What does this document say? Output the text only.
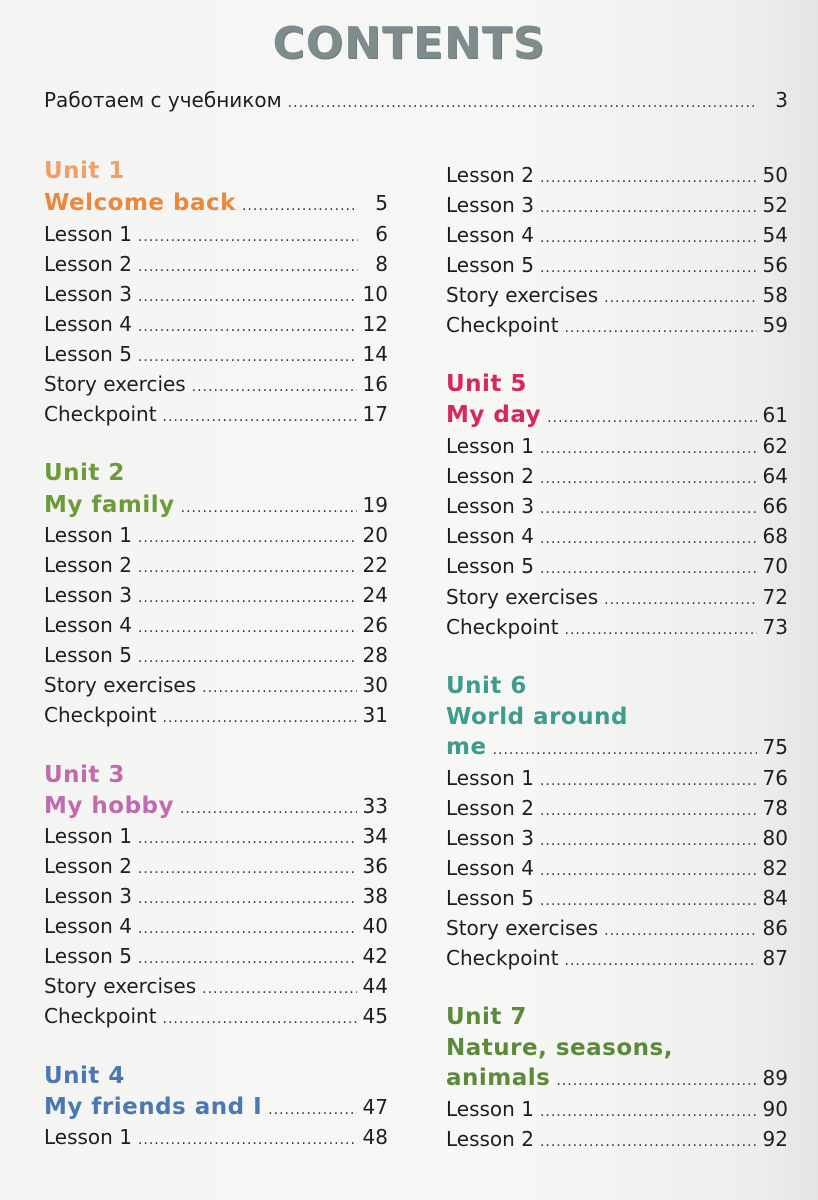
CONTENTS
Работаем с учебником .....	3
Unit 1
Welcome back .....	5
Lesson 1 .....	6
Lesson 2 .....	8
Lesson 3 .....	10
Lesson 4 .....	12
Lesson 5 .....	14
Story exercies .....	16
Checkpoint .....	17
Unit 2
My family .....	19
Lesson 1 .....	20
Lesson 2 .....	22
Lesson 3 .....	24
Lesson 4 .....	26
Lesson 5 .....	28
Story exercises .....	30
Checkpoint .....	31
Unit 3
My hobby .....	33
Lesson 1 .....	34
Lesson 2 .....	36
Lesson 3 .....	38
Lesson 4 .....	40
Lesson 5 .....	42
Story exercises .....	44
Checkpoint .....	45
Unit 4
My friends and I .....	47
Lesson 1 .....	48
Lesson 2 .....	50
Lesson 3 .....	52
Lesson 4 .....	54
Lesson 5 .....	56
Story exercises .....	58
Checkpoint .....	59
Unit 5
My day .....	61
Lesson 1 .....	62
Lesson 2 .....	64
Lesson 3 .....	66
Lesson 4 .....	68
Lesson 5 .....	70
Story exercises .....	72
Checkpoint .....	73
Unit 6
World around
me .....	75
Lesson 1 .....	76
Lesson 2 .....	78
Lesson 3 .....	80
Lesson 4 .....	82
Lesson 5 .....	84
Story exercises .....	86
Checkpoint .....	87
Unit 7
Nature, seasons,
animals .....	89
Lesson 1 .....	90
Lesson 2 .....	92
